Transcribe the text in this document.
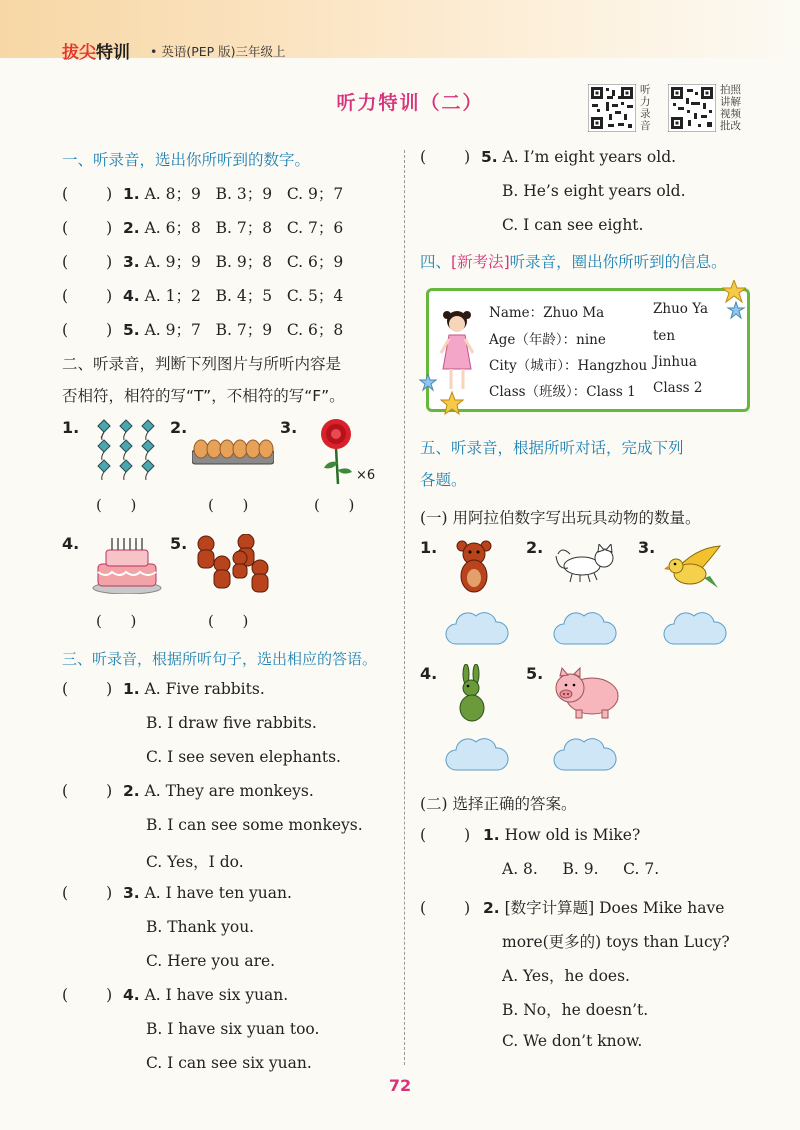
拔尖特训 • 英语(PEP 版)三年级上
听力特训（二）
听力录音
拍照讲解视频批改
一、听录音，选出你所听到的数字。
( ) 1. A. 8；9 B. 3；9 C. 9；7
( ) 2. A. 6；8 B. 7；8 C. 7；6
( ) 3. A. 9；9 B. 9；8 C. 6；9
( ) 4. A. 1；2 B. 4；5 C. 5；4
( ) 5. A. 9；7 B. 7；9 C. 6；8
二、听录音，判断下列图片与所听内容是
否相符，相符的写“T”，不相符的写“F”。
1.	2.	3.
×6
(      )	(      )	(      )
4.	5.
(      )	(      )
三、听录音，根据所听句子，选出相应的答语。
( ) 1. A. Five rabbits.
B. I draw five rabbits.
C. I see seven elephants.
( ) 2. A. They are monkeys.
B. I can see some monkeys.
C. Yes，I do.
( ) 3. A. I have ten yuan.
B. Thank you.
C. Here you are.
( ) 4. A. I have six yuan.
B. I have six yuan too.
C. I can see six yuan.
( ) 5. A. I’m eight years old.
B. He’s eight years old.
C. I can see eight.
四、[新考法]听录音，圈出你所听到的信息。
Name：Zhuo Ma	Zhuo Ya
Age（年龄）：nine	ten
City（城市）：Hangzhou Jinhua
Class（班级）：Class 1 Class 2
五、听录音，根据所听对话，完成下列
各题。
(一) 用阿拉伯数字写出玩具动物的数量。
1.	2.	3.
4.	5.
(二) 选择正确的答案。
( ) 1. How old is Mike?
A. 8. B. 9. C. 7.
( ) 2. [数字计算题] Does Mike have
more(更多的) toys than Lucy?
A. Yes，he does.
B. No，he doesn’t.
C. We don’t know.
72
